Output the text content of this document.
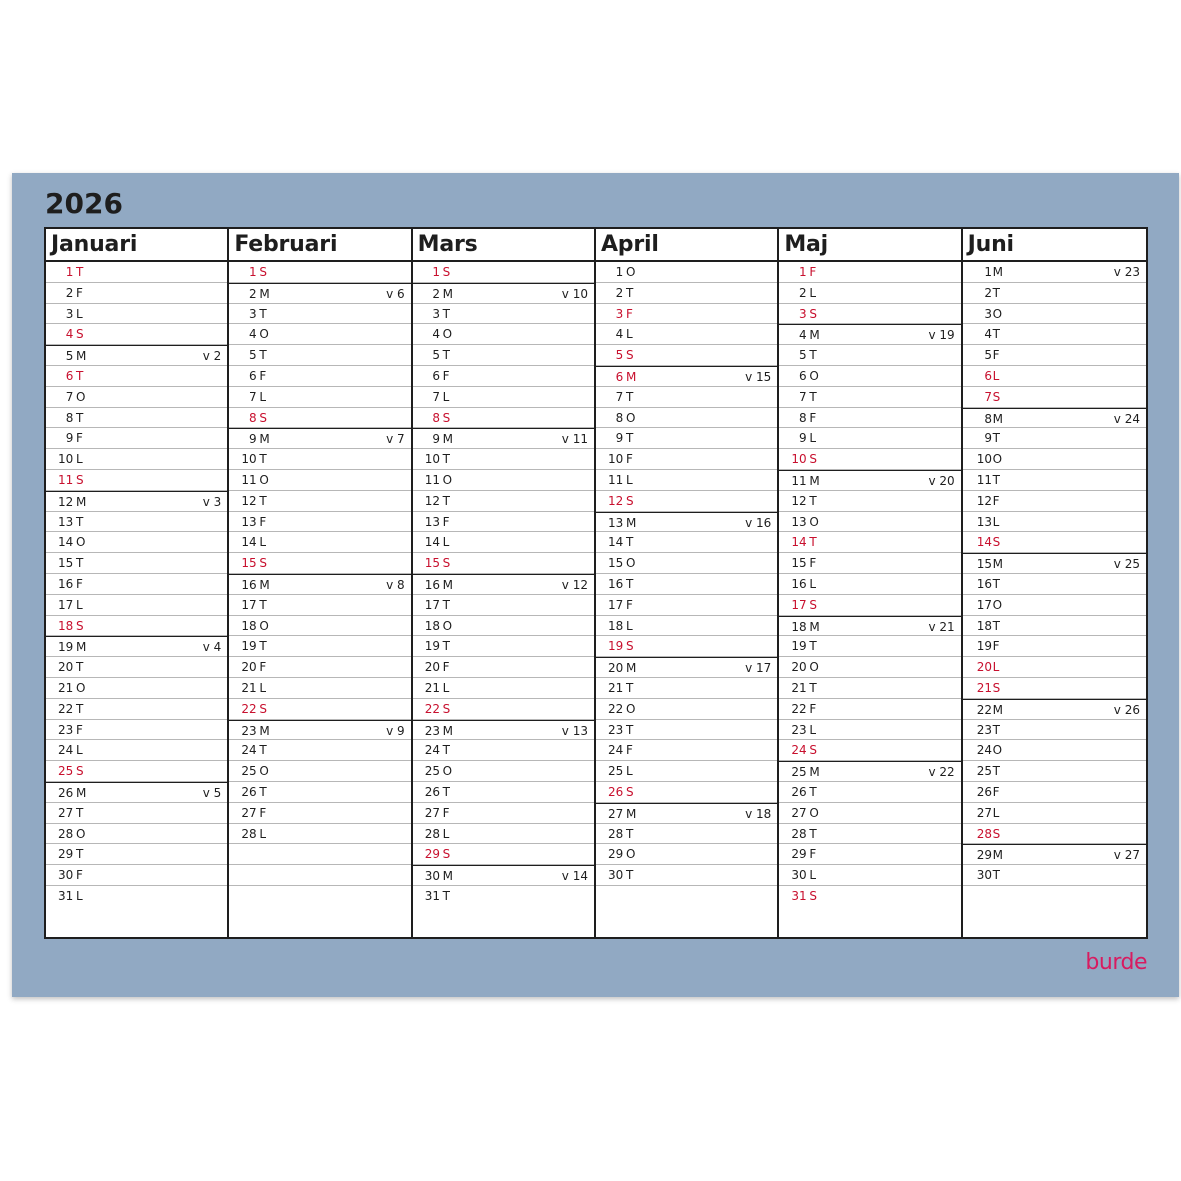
2026
Januari
1 T
2 F
3 L
4 S
5 M	v 2
6 T
7 O
8 T
9 F
10 L
11 S
12 M	v 3
13 T
14 O
15 T
16 F
17 L
18 S
19 M	v 4
20 T
21 O
22 T
23 F
24 L
25 S
26 M	v 5
27 T
28 O
29 T
30 F
31 L
Februari
1 S
2 M	v 6
3 T
4 O
5 T
6 F
7 L
8 S
9 M	v 7
10 T
11 O
12 T
13 F
14 L
15 S
16 M	v 8
17 T
18 O
19 T
20 F
21 L
22 S
23 M	v 9
24 T
25 O
26 T
27 F
28 L
Mars
1 S
2 M	v 10
3 T
4 O
5 T
6 F
7 L
8 S
9 M	v 11
10 T
11 O
12 T
13 F
14 L
15 S
16 M	v 12
17 T
18 O
19 T
20 F
21 L
22 S
23 M	v 13
24 T
25 O
26 T
27 F
28 L
29 S
30 M	v 14
31 T
April
1 O
2 T
3 F
4 L
5 S
6 M	v 15
7 T
8 O
9 T
10 F
11 L
12 S
13 M	v 16
14 T
15 O
16 T
17 F
18 L
19 S
20 M	v 17
21 T
22 O
23 T
24 F
25 L
26 S
27 M	v 18
28 T
29 O
30 T
Maj
1 F
2 L
3 S
4 M	v 19
5 T
6 O
7 T
8 F
9 L
10 S
11 M	v 20
12 T
13 O
14 T
15 F
16 L
17 S
18 M	v 21
19 T
20 O
21 T
22 F
23 L
24 S
25 M	v 22
26 T
27 O
28 T
29 F
30 L
31 S
Juni
1 M	v 23
2 T
3 O
4 T
5 F
6 L
7 S
8 M	v 24
9 T
10 O
11 T
12 F
13 L
14 S
15 M	v 25
16 T
17 O
18 T
19 F
20 L
21 S
22 M	v 26
23 T
24 O
25 T
26 F
27 L
28 S
29 M	v 27
30 T
burde
